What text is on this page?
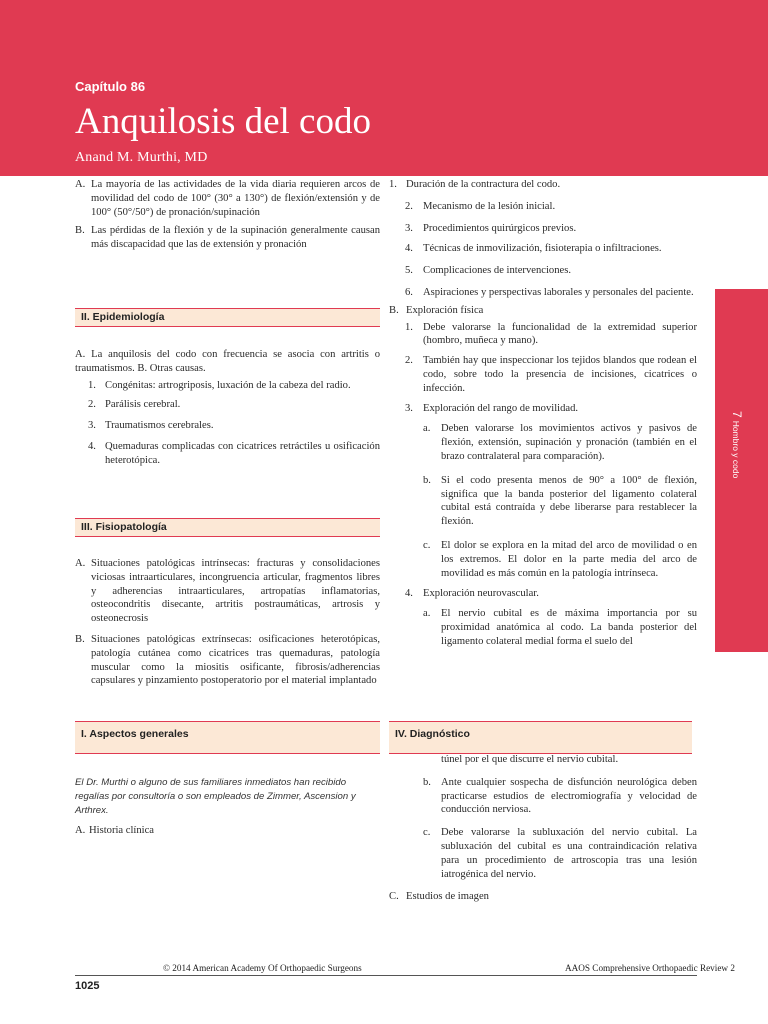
Capítulo 86
Anquilosis del codo
Anand M. Murthi, MD
A. La mayoría de las actividades de la vida diaria requieren arcos de movilidad del codo de 100° (30° a 130°) de flexión/extensión y de 100° (50°/50°) de pronación/supinación
B. Las pérdidas de la flexión y de la supinación generalmente causan más discapacidad que las de extensión y pronación
II. Epidemiología

A. La anquilosis del codo con frecuencia se asocia con artritis o traumatismos. B. Otras causas.

1. Congénitas: artrogriposis, luxación de la cabeza del radio.
2. Parálisis cerebral.
3. Traumatismos cerebrales.
4. Quemaduras complicadas con cicatrices retráctiles u osificación heterotópica.
III. Fisiopatología
A. Situaciones patológicas intrínsecas: fracturas y consolidaciones viciosas intraarticulares, incongruencia articular, fragmentos libres y adherencias intraarticulares, artropatías inflamatorias, osteocondritis disecante, artritis postraumáticas, artrosis y osteonecrosis
B. Situaciones patológicas extrínsecas: osificaciones heterotópicas, patología cutánea como cicatrices tras quemaduras, patología muscular como la miositis osificante, fibrosis/adherencias capsulares y pinzamiento postoperatorio por el material implantado
I. Aspectos generales
El Dr. Murthi o alguno de sus familiares inmediatos han recibido regalías por consultoría o son empleados de Zimmer, Ascension y Arthrex.
A. Historia clínica
1. Duración de la contractura del codo.
2. Mecanismo de la lesión inicial.
3. Procedimientos quirúrgicos previos.
4. Técnicas de inmovilización, fisioterapia o infiltraciones.
5. Complicaciones de intervenciones.
6. Aspiraciones y perspectivas laborales y personales del paciente.
B. Exploración física
1. Debe valorarse la funcionalidad de la extremidad superior (hombro, muñeca y mano).
2. También hay que inspeccionar los tejidos blandos que rodean el codo, sobre todo la presencia de incisiones, cicatrices o infección.
3. Exploración del rango de movilidad.
a.	Deben valorarse los movimientos activos y pasivos de flexión, extensión, supinación y pronación (también en el brazo contralateral para comparación).
b. Si el codo presenta menos de 90° a 100° de flexión, significa que la banda posterior del ligamento colateral cubital está contraída y debe liberarse para restablecer la flexión.
c.	El dolor se explora en la mitad del arco de movilidad o en los extremos. El dolor en la parte media del arco de movilidad es más común en la patología intrínseca.
4. Exploración neurovascular.
a.	El nervio cubital es de máxima importancia por su proximidad anatómica al codo. La banda posterior del ligamento colateral medial forma el suelo del
IV. Diagnóstico
túnel por el que discurre el nervio cubital.
b. Ante cualquier sospecha de disfunción neurológica deben practicarse estudios de electromiografía y velocidad de conducción nerviosa.
c.	Debe valorarse la subluxación del nervio cubital. La subluxación del cubital es una contraindicación relativa para un procedimiento de artroscopia tras una lesión iatrogénica del nervio.
C. Estudios de imagen
7Hombro y codo
© 2014 American Academy Of Orthopaedic Surgeons	AAOS Comprehensive Orthopaedic Review 2
1025
